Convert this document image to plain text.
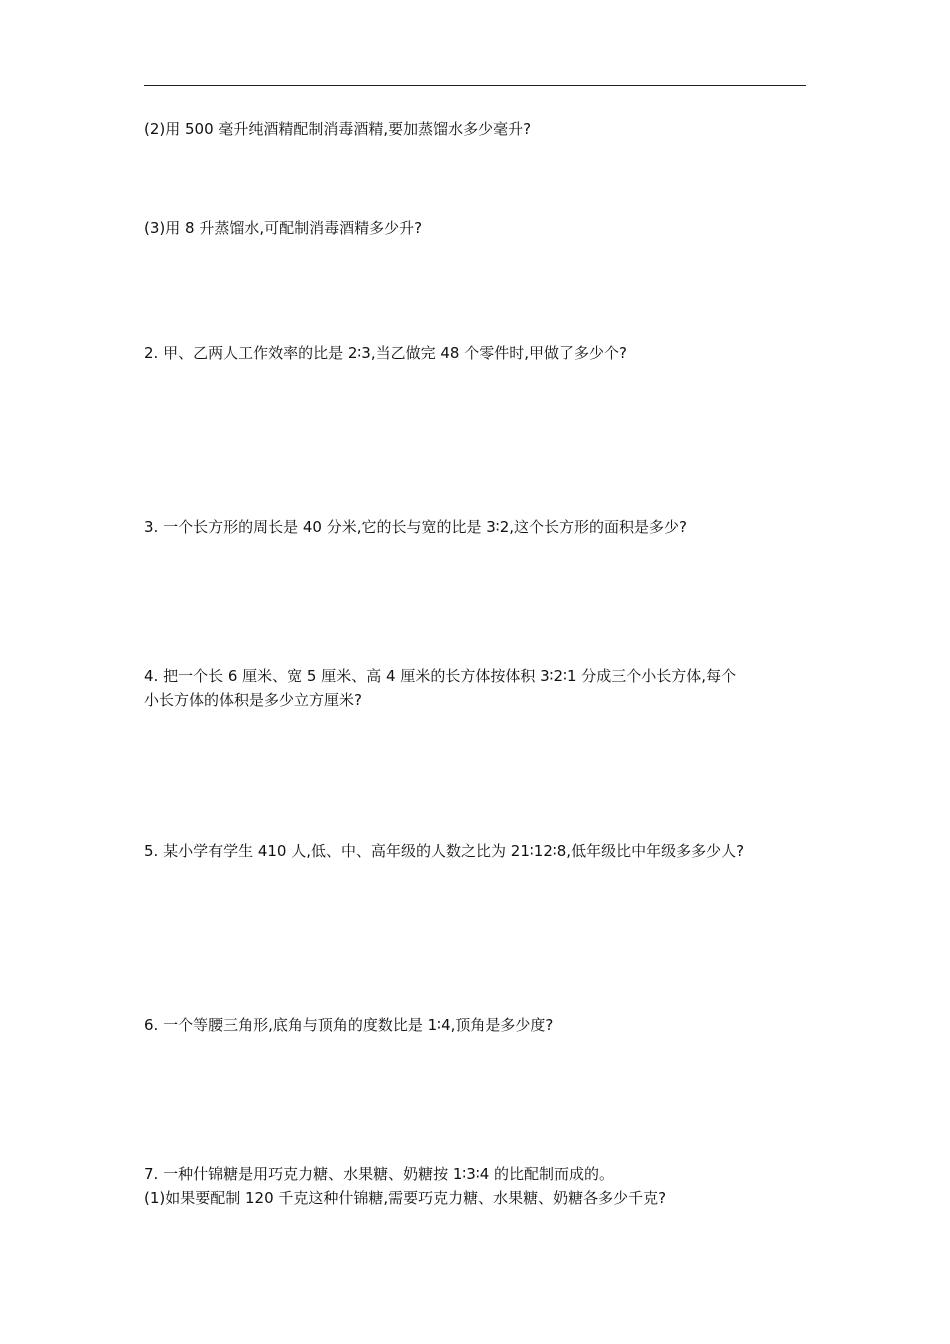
(2)用 500 毫升纯酒精配制消毒酒精,要加蒸馏水多少毫升?
(3)用 8 升蒸馏水,可配制消毒酒精多少升?
2. 甲、乙两人工作效率的比是 2∶3,当乙做完 48 个零件时,甲做了多少个?
3. 一个长方形的周长是 40 分米,它的长与宽的比是 3∶2,这个长方形的面积是多少?
4. 把一个长 6 厘米、宽 5 厘米、高 4 厘米的长方体按体积 3∶2∶1 分成三个小长方体,每个
小长方体的体积是多少立方厘米?
5. 某小学有学生 410 人,低、中、高年级的人数之比为 21∶12∶8,低年级比中年级多多少人?
6. 一个等腰三角形,底角与顶角的度数比是 1∶4,顶角是多少度?
7. 一种什锦糖是用巧克力糖、水果糖、奶糖按 1∶3∶4 的比配制而成的。
(1)如果要配制 120 千克这种什锦糖,需要巧克力糖、水果糖、奶糖各多少千克?
